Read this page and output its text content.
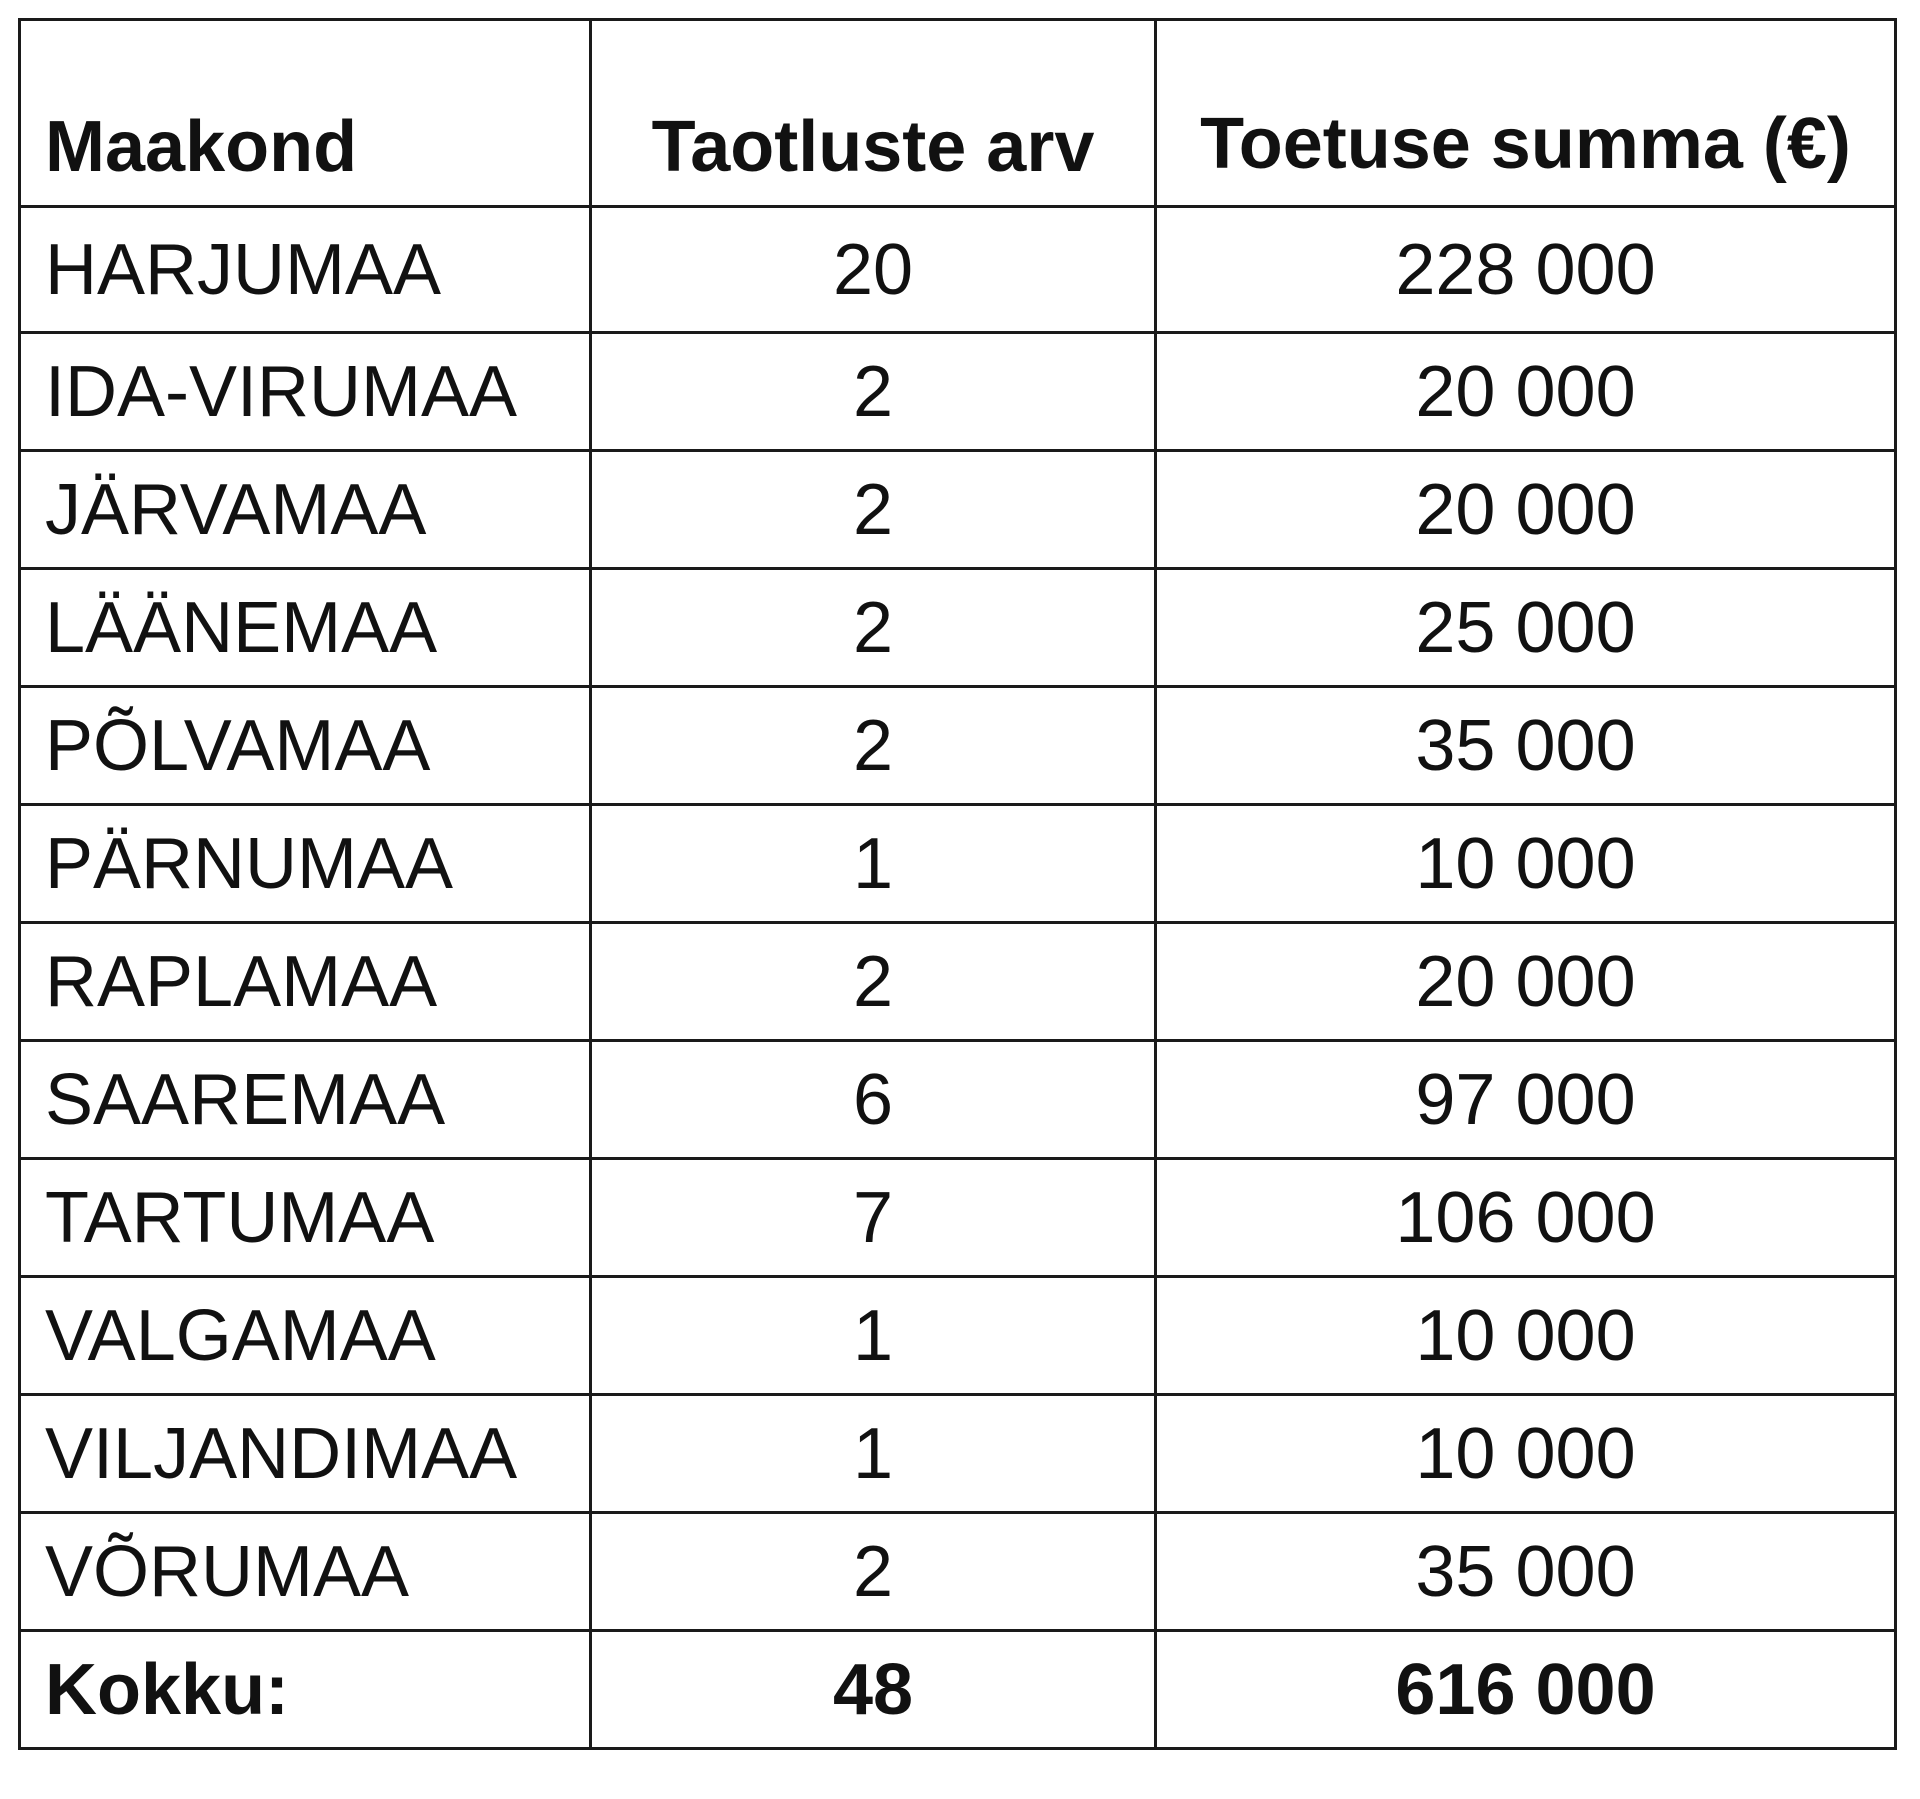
Maakond	Taotluste arv	Toetuse summa (€)
HARJUMAA	20	228 000
IDA-VIRUMAA	2	20 000
JÄRVAMAA	2	20 000
LÄÄNEMAA	2	25 000
PÕLVAMAA	2	35 000
PÄRNUMAA	1	10 000
RAPLAMAA	2	20 000
SAAREMAA	6	97 000
TARTUMAA	7	106 000
VALGAMAA	1	10 000
VILJANDIMAA	1	10 000
VÕRUMAA	2	35 000
Kokku:	48	616 000
